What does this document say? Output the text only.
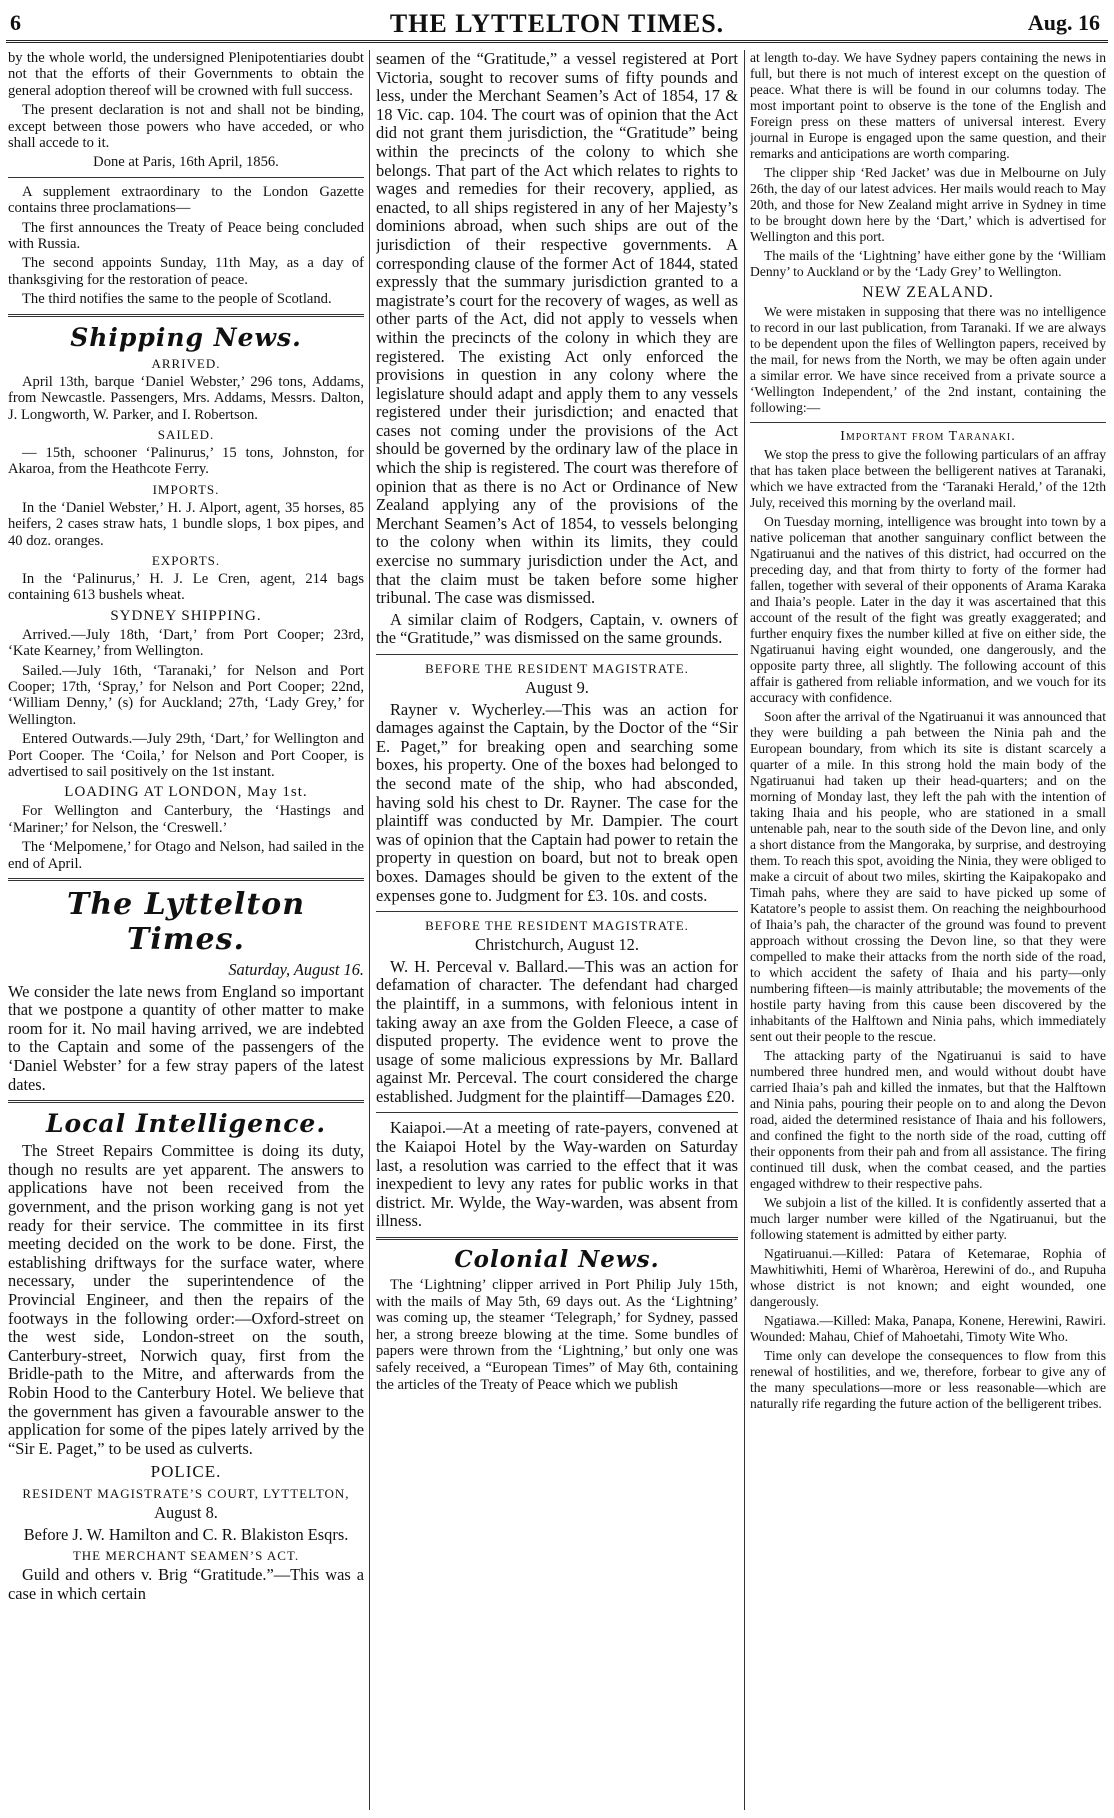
6	THE LYTTELTON TIMES.	Aug. 16

by the whole world, the undersigned Plenipotentiaries doubt not that the efforts of their Governments to obtain the general adoption thereof will be crowned with full success.

The present declaration is not and shall not be binding, except between those powers who have acceded, or who shall accede to it.

Done at Paris, 16th April, 1856.

A supplement extraordinary to the London Gazette contains three proclamations—

The first announces the Treaty of Peace being concluded with Russia.

The second appoints Sunday, 11th May, as a day of thanksgiving for the restoration of peace.

The third notifies the same to the people of Scotland.

Shipping News.
ARRIVED.

April 13th, barque ‘Daniel Webster,’ 296 tons, Addams, from Newcastle. Passengers, Mrs. Addams, Messrs. Dalton, J. Longworth, W. Parker, and I. Robertson.

SAILED.

— 15th, schooner ‘Palinurus,’ 15 tons, Johnston, for Akaroa, from the Heathcote Ferry.

IMPORTS.

In the ‘Daniel Webster,’ H. J. Alport, agent, 35 horses, 85 heifers, 2 cases straw hats, 1 bundle slops, 1 box pipes, and 40 doz. oranges.

EXPORTS.

In the ‘Palinurus,’ H. J. Le Cren, agent, 214 bags containing 613 bushels wheat.

SYDNEY SHIPPING.

Arrived.—July 18th, ‘Dart,’ from Port Cooper; 23rd, ‘Kate Kearney,’ from Wellington.

Sailed.—July 16th, ‘Taranaki,’ for Nelson and Port Cooper; 17th, ‘Spray,’ for Nelson and Port Cooper; 22nd, ‘William Denny,’ (s) for Auckland; 27th, ‘Lady Grey,’ for Wellington.

Entered Outwards.—July 29th, ‘Dart,’ for Wellington and Port Cooper. The ‘Coila,’ for Nelson and Port Cooper, is advertised to sail positively on the 1st instant.

LOADING AT LONDON, May 1st.

For Wellington and Canterbury, the ‘Hastings and ‘Mariner;’ for Nelson, the ‘Creswell.’

The ‘Melpomene,’ for Otago and Nelson, had sailed in the end of April.

The Lyttelton Times.

Saturday, August 16.

We consider the late news from England so important that we postpone a quantity of other matter to make room for it. No mail having arrived, we are indebted to the Captain and some of the passengers of the ‘Daniel Webster’ for a few stray papers of the latest dates.

Local Intelligence.

The Street Repairs Committee is doing its duty, though no results are yet apparent. The answers to applications have not been received from the government, and the prison working gang is not yet ready for their service. The committee in its first meeting decided on the work to be done. First, the establishing driftways for the surface water, where necessary, under the superintendence of the Provincial Engineer, and then the repairs of the footways in the following order:—Oxford-street on the west side, London-street on the south, Canterbury-street, Norwich quay, first from the Bridle-path to the Mitre, and afterwards from the Robin Hood to the Canterbury Hotel. We believe that the government has given a favourable answer to the application for some of the pipes lately arrived by the “Sir E. Paget,” to be used as culverts.

POLICE.
RESIDENT MAGISTRATE’S COURT, LYTTELTON,

August 8.

Before J. W. Hamilton and C. R. Blakiston Esqrs.

THE MERCHANT SEAMEN’S ACT.

Guild and others v. Brig “Gratitude.”—This was a case in which certain

seamen of the “Gratitude,” a vessel registered at Port Victoria, sought to recover sums of fifty pounds and less, under the Merchant Seamen’s Act of 1854, 17 & 18 Vic. cap. 104. The court was of opinion that the Act did not grant them jurisdiction, the “Gratitude” being within the precincts of the colony to which she belongs. That part of the Act which relates to rights to wages and remedies for their recovery, applied, as enacted, to all ships registered in any of her Majesty’s dominions abroad, when such ships are out of the jurisdiction of their respective governments. A corresponding clause of the former Act of 1844, stated expressly that the summary jurisdiction granted to a magistrate’s court for the recovery of wages, as well as other parts of the Act, did not apply to vessels when within the precincts of the colony in which they are registered. The existing Act only enforced the provisions in question in any colony where the legislature should adapt and apply them to any vessels registered under their jurisdiction; and enacted that cases not coming under the provisions of the Act should be governed by the ordinary law of the place in which the ship is registered. The court was therefore of opinion that as there is no Act or Ordinance of New Zealand applying any of the provisions of the Merchant Seamen’s Act of 1854, to vessels belonging to the colony when within its limits, they could exercise no summary jurisdiction under the Act, and that the claim must be taken before some higher tribunal. The case was dismissed.

A similar claim of Rodgers, Captain, v. owners of the “Gratitude,” was dismissed on the same grounds.

BEFORE THE RESIDENT MAGISTRATE.

August 9.

Rayner v. Wycherley.—This was an action for damages against the Captain, by the Doctor of the “Sir E. Paget,” for breaking open and searching some boxes, his property. One of the boxes had belonged to the second mate of the ship, who had absconded, having sold his chest to Dr. Rayner. The case for the plaintiff was conducted by Mr. Dampier. The court was of opinion that the Captain had power to retain the property in question on board, but not to break open boxes. Damages should be given to the extent of the expenses gone to. Judgment for £3. 10s. and costs.

BEFORE THE RESIDENT MAGISTRATE.

Christchurch, August 12.

W. H. Perceval v. Ballard.—This was an action for defamation of character. The defendant had charged the plaintiff, in a summons, with felonious intent in taking away an axe from the Golden Fleece, a case of disputed property. The evidence went to prove the usage of some malicious expressions by Mr. Ballard against Mr. Perceval. The court considered the charge established. Judgment for the plaintiff—Damages £20.

Kaiapoi.—At a meeting of rate-payers, convened at the Kaiapoi Hotel by the Way-warden on Saturday last, a resolution was carried to the effect that it was inexpedient to levy any rates for public works in that district. Mr. Wylde, the Way-warden, was absent from illness.

Colonial News.

The ‘Lightning’ clipper arrived in Port Philip July 15th, with the mails of May 5th, 69 days out. As the ‘Lightning’ was coming up, the steamer ‘Telegraph,’ for Sydney, passed her, a strong breeze blowing at the time. Some bundles of papers were thrown from the ‘Lightning,’ but only one was safely received, a “European Times” of May 6th, containing the articles of the Treaty of Peace which we publish

at length to-day. We have Sydney papers containing the news in full, but there is not much of interest except on the question of peace. What there is will be found in our columns today. The most important point to observe is the tone of the English and Foreign press on these matters of universal interest. Every journal in Europe is engaged upon the same question, and their remarks and anticipations are worth comparing.

The clipper ship ‘Red Jacket’ was due in Melbourne on July 26th, the day of our latest advices. Her mails would reach to May 20th, and those for New Zealand might arrive in Sydney in time to be brought down here by the ‘Dart,’ which is advertised for Wellington and this port.

The mails of the ‘Lightning’ have either gone by the ‘William Denny’ to Auckland or by the ‘Lady Grey’ to Wellington.

NEW ZEALAND.

We were mistaken in supposing that there was no intelligence to record in our last publication, from Taranaki. If we are always to be dependent upon the files of Wellington papers, received by the mail, for news from the North, we may be often again under a similar error. We have since received from a private source a ‘Wellington Independent,’ of the 2nd instant, containing the following:—

Important from Taranaki.

We stop the press to give the following particulars of an affray that has taken place between the belligerent natives at Taranaki, which we have extracted from the ‘Taranaki Herald,’ of the 12th July, received this morning by the overland mail.

On Tuesday morning, intelligence was brought into town by a native policeman that another sanguinary conflict between the Ngatiruanui and the natives of this district, had occurred on the preceding day, and that from thirty to forty of the former had fallen, together with several of their opponents of Arama Karaka and Ihaia’s people. Later in the day it was ascertained that this account of the result of the fight was greatly exaggerated; and further enquiry fixes the number killed at five on either side, the Ngatiruanui having eight wounded, one dangerously, and the opposite party three, all slightly. The following account of this affair is gathered from reliable information, and we vouch for its accuracy with confidence.

Soon after the arrival of the Ngatiruanui it was announced that they were building a pah between the Ninia pah and the European boundary, from which its site is distant scarcely a quarter of a mile. In this strong hold the main body of the Ngatiruanui had taken up their head-quarters; and on the morning of Monday last, they left the pah with the intention of taking Ihaia and his people, who are stationed in a small untenable pah, near to the south side of the Devon line, and only a short distance from the Mangoraka, by surprise, and destroying them. To reach this spot, avoiding the Ninia, they were obliged to make a circuit of about two miles, skirting the Kaipakopako and Timah pahs, where they are said to have picked up some of Katatore’s people to assist them. On reaching the neighbourhood of Ihaia’s pah, the character of the ground was found to prevent approach without crossing the Devon line, so that they were compelled to make their attacks from the north side of the road, to which accident the safety of Ihaia and his party—only numbering fifteen—is mainly attributable; the movements of the hostile party having from this cause been discovered by the inhabitants of the Halftown and Ninia pahs, which immediately sent out their people to the rescue.

The attacking party of the Ngatiruanui is said to have numbered three hundred men, and would without doubt have carried Ihaia’s pah and killed the inmates, but that the Halftown and Ninia pahs, pouring their people on to and along the Devon road, aided the determined resistance of Ihaia and his followers, and confined the fight to the north side of the road, cutting off their opponents from their pah and from all assistance. The firing continued till dusk, when the combat ceased, and the parties engaged withdrew to their respective pahs.

We subjoin a list of the killed. It is confidently asserted that a much larger number were killed of the Ngatiruanui, but the following statement is admitted by either party.

Ngatiruanui.—Killed: Patara of Ketemarae, Rophia of Mawhitiwhiti, Hemi of Wharèroa, Herewini of do., and Rupuha whose district is not known; and eight wounded, one dangerously.

Ngatiawa.—Killed: Maka, Panapa, Konene, Herewini, Rawiri. Wounded: Mahau, Chief of Mahoetahi, Timoty Wite Who.

Time only can develope the consequences to flow from this renewal of hostilities, and we, therefore, forbear to give any of the many speculations—more or less reasonable—which are naturally rife regarding the future action of the belligerent tribes.
